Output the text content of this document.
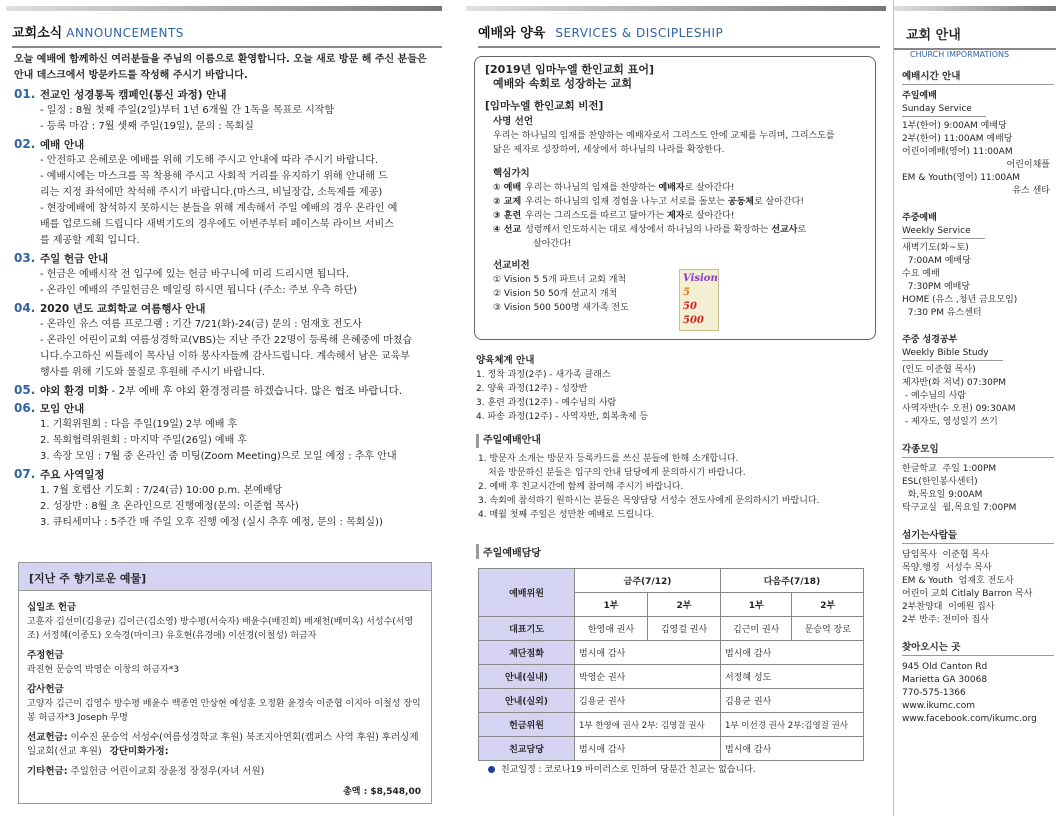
교회소식 ANNOUNCEMENTS
오늘 예배에 함께하신 여러분들을 주님의 이름으로 환영합니다. 오늘 새로 방문 해 주신 분들은 안내 데스크에서 방문카드를 작성해 주시기 바랍니다.
01. 전교인 성경통독 캠페인(통신 과정) 안내
- 일정 : 8월 첫째 주일(2일)부터 1년 6개월 간 1독을 목표로 시작함
- 등록 마감 : 7월 셋째 주일(19일), 문의 : 목회실
02. 예배 안내
- 안전하고 은혜로운 예배를 위해 기도해 주시고 안내에 따라 주시기 바랍니다.
- 예배시에는 마스크를 꼭 착용해 주시고 사회적 거리를 유지하기 위해 안내해 드
리는 지정 좌석에만 착석해 주시기 바랍니다.(마스크, 비닐장갑, 소독제를 제공)
- 현장예배에 참석하지 못하시는 분들을 위해 계속해서 주일 예배의 경우 온라인 예
배를 업로드해 드립니다 새벽기도의 경우에도 이번주부터 페이스북 라이브 서비스
를 제공할 계획 입니다.
03. 주일 헌금 안내
- 헌금은 예배시작 전 입구에 있는 헌금 바구니에 미리 드리시면 됩니다.
- 온라인 예배의 주일헌금은 메일링 하시면 됩니다 (주소: 주보 우측 하단)
04. 2020 년도 교회학교 여름행사 안내
- 온라인 유스 여름 프로그램 : 기간 7/21(화)-24(금) 문의 : 엄재호 전도사
- 온라인 어린이교회 여름성경학교(VBS)는 지난 주간 22명이 등록해 은혜중에 마쳤습
니다.수고하신 씨틀레이 목사님 이하 봉사자들께 감사드립니다. 계속해서 남은 교육부
행사를 위해 기도와 물질로 후원해 주시기 바랍니다.
05. 야외 환경 미화 - 2부 예배 후 야외 환경정리를 하겠습니다. 많은 협조 바랍니다.
06. 모임 안내
1. 기획위원회 : 다음 주일(19일) 2부 예배 후
2. 목회협력위원회 : 마지막 주일(26일) 예배 후
3. 속장 모임 : 7월 중 온라인 줌 미팅(Zoom Meeting)으로 모일 예정 : 추후 안내
07. 주요 사역일정
1. 7월 호렙산 기도회 : 7/24(금) 10:00 p.m. 본예배당
2. 성장반 : 8월 초 온라인으로 진행예정(문의: 이준협 목사)
3. 큐티세미나 : 5주간 매 주일 오후 진행 예정 (실시 추후 예정, 문의 : 목회실))
[지난 주 향기로운 예물]
십일조 헌금
고훈자 김선미(김용균) 김이근(김소영) 방수평(서숙자) 배윤수(배진희) 배재천(배미옥) 서성수(서영조) 서정혜(이종도) 오숙경(마이크) 유호현(유경애) 이선경(이철성) 허금자
주정헌금
곽진현 문승억 박영순 이창의 허금자*3
감사헌금
고양자 김근미 김영수 방수평 배윤수 백종연 안상현 예성훈 오정환 윤경숙 이준협 이지아 이철성 장익봉 허금자*3 Joseph 무명
선교헌금: 이수진 문승억 서성수(여름성경학교 후원) 북조지아연회(캠퍼스 사역 후원) 후러싱제일교회(선교 후원) 강단미화가정:
기타헌금: 주일헌금 어린이교회 장윤정 장정우(자녀 서원)
총액 : $8,548,00
예배와 양육 SERVICES & DISCIPLESHIP
[2019년 임마누엘 한인교회 표어]
예배와 속회로 성장하는 교회
[임마누엘 한인교회 비전]
사명 선언
우리는 하나님의 임재를 찬양하는 예배자로서 그리스도 안에 교제를 누리며, 그리스도를
닮은 제자로 성장하여, 세상에서 하나님의 나라를 확장한다.
핵심가치
① 예배 우리는 하나님의 임재를 찬양하는 예배자로 살아간다!
② 교제 우리는 하나님의 임재 경험을 나누고 서로를 돌보는 공동체로 살아간다!
③ 훈련 우리는 그리스도를 따르고 닮아가는 제자로 살아간다!
④ 선교 성령께서 인도하시는 대로 세상에서 하나님의 나라를 확장하는 선교사로
살아간다!
선교비전
① Vision 5 5개 파트너 교회 개척
② Vision 50 50개 선교지 개척
③ Vision 500 500명 새가족 전도
Vision
5
50
500
양육체계 안내
1. 정착 과정(2주) - 새가족 클래스
2. 양육 과정(12주) - 성장반
3. 훈련 과정(12주) - 예수님의 사람
4. 파송 과정(12주) - 사역자반, 회복축제 등
주일예배안내
1. 방문자 소개는 방문자 등록카드를 쓰신 분들에 한해 소개합니다.
처음 방문하신 분들은 입구의 안내 담당에게 문의하시기 바랍니다.
2. 예배 후 친교시간에 함께 참여해 주시기 바랍니다.
3. 속회에 참석하기 원하시는 분들은 목양담당 서성수 전도사에게 문의하시기 바랍니다.
4. 매월 첫째 주일은 성만찬 예배로 드립니다.
주일예배담당
예배위원	금주(7/12)		다음주(7/18)	
	1부	2부	1부	2부
대표기도	한영애 권사	김영걸 권사	김근미 권사	문승억 장로
제단점화	범시애 감사		범시애 감사	
안내(실내)	박영순 권사		서정혜 성도	
안내(실외)	김용균 권사		김용균 권사	
헌금위원	1부 한영애 권사 2부: 김영걸 권사		1부 이선경 권사 2부:김영걸 권사	
친교담당	범시애 감사		범시애 감사	
친교일정 : 코로나19 바이러스로 인하여 당분간 친교는 없습니다.
교회 안내
CHURCH IMPORMATIONS
예배시간 안내
주일예배
Sunday Service
1부(한어) 9:00AM 예배당
2부(한어) 11:00AM 예배당
어린이예배(영어) 11:00AM
어린이채플
EM & Youth(영어) 11:00AM
유스 센타
주중예배
Weekly Service
새벽기도(화~토)
7:00AM 예배당
수요 예배
7:30PM 예배당
HOME (유스 ,청년 금요모임)
7:30 PM 유스센터
주중 성경공부
Weekly Bible Study
(인도 이준협 목사)
제자반(화 저녁) 07:30PM
- 예수님의 사람
사역자반(수 오전) 09:30AM
- 제자도, 영성일기 쓰기
각종모임
한글학교  주일 1:00PM
ESL(한인봉사센터)
화,목요일 9:00AM
탁구교실  월,목요일 7:00PM
섬기는사람들
담임목사  이준협 목사
목양.행정  서성수 목사
EM & Youth  엄재호 전도사
어린이 교회 Citlaly Barron 목사
2부찬양대  이예원 집사
2부 반주: 전미아 집사
찾아오시는 곳
945 Old Canton Rd
Marietta GA 30068
770-575-1366
www.ikumc.com
www.facebook.com/ikumc.org
